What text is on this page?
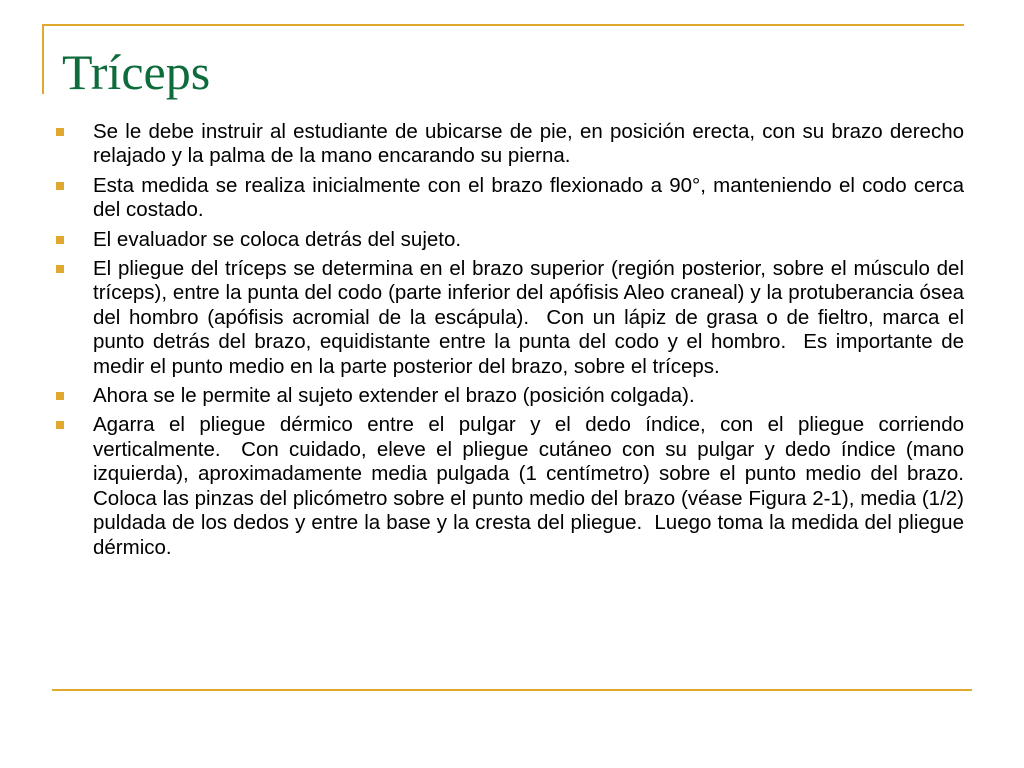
Tríceps
Se le debe instruir al estudiante de ubicarse de pie, en posición erecta, con su brazo derecho relajado y la palma de la mano encarando su pierna.
Esta medida se realiza inicialmente con el brazo flexionado a 90°, manteniendo el codo cerca del costado.
El evaluador se coloca detrás del sujeto.
El pliegue del tríceps se determina en el brazo superior (región posterior, sobre el músculo del tríceps), entre la punta del codo (parte inferior del apófisis Aleo craneal) y la protuberancia ósea del hombro (apófisis acromial de la escápula).  Con un lápiz de grasa o de fieltro, marca el punto detrás del brazo, equidistante entre la punta del codo y el hombro.  Es importante de medir el punto medio en la parte posterior del brazo, sobre el tríceps.
Ahora se le permite al sujeto extender el brazo (posición colgada).
Agarra el pliegue dérmico entre el pulgar y el dedo índice, con el pliegue corriendo verticalmente.  Con cuidado, eleve el pliegue cutáneo con su pulgar y dedo índice (mano izquierda), aproximadamente media pulgada (1 centímetro) sobre el punto medio del brazo.  Coloca las pinzas del plicómetro sobre el punto medio del brazo (véase Figura 2-1), media (1/2) puldada de los dedos y entre la base y la cresta del pliegue.  Luego toma la medida del pliegue dérmico.
